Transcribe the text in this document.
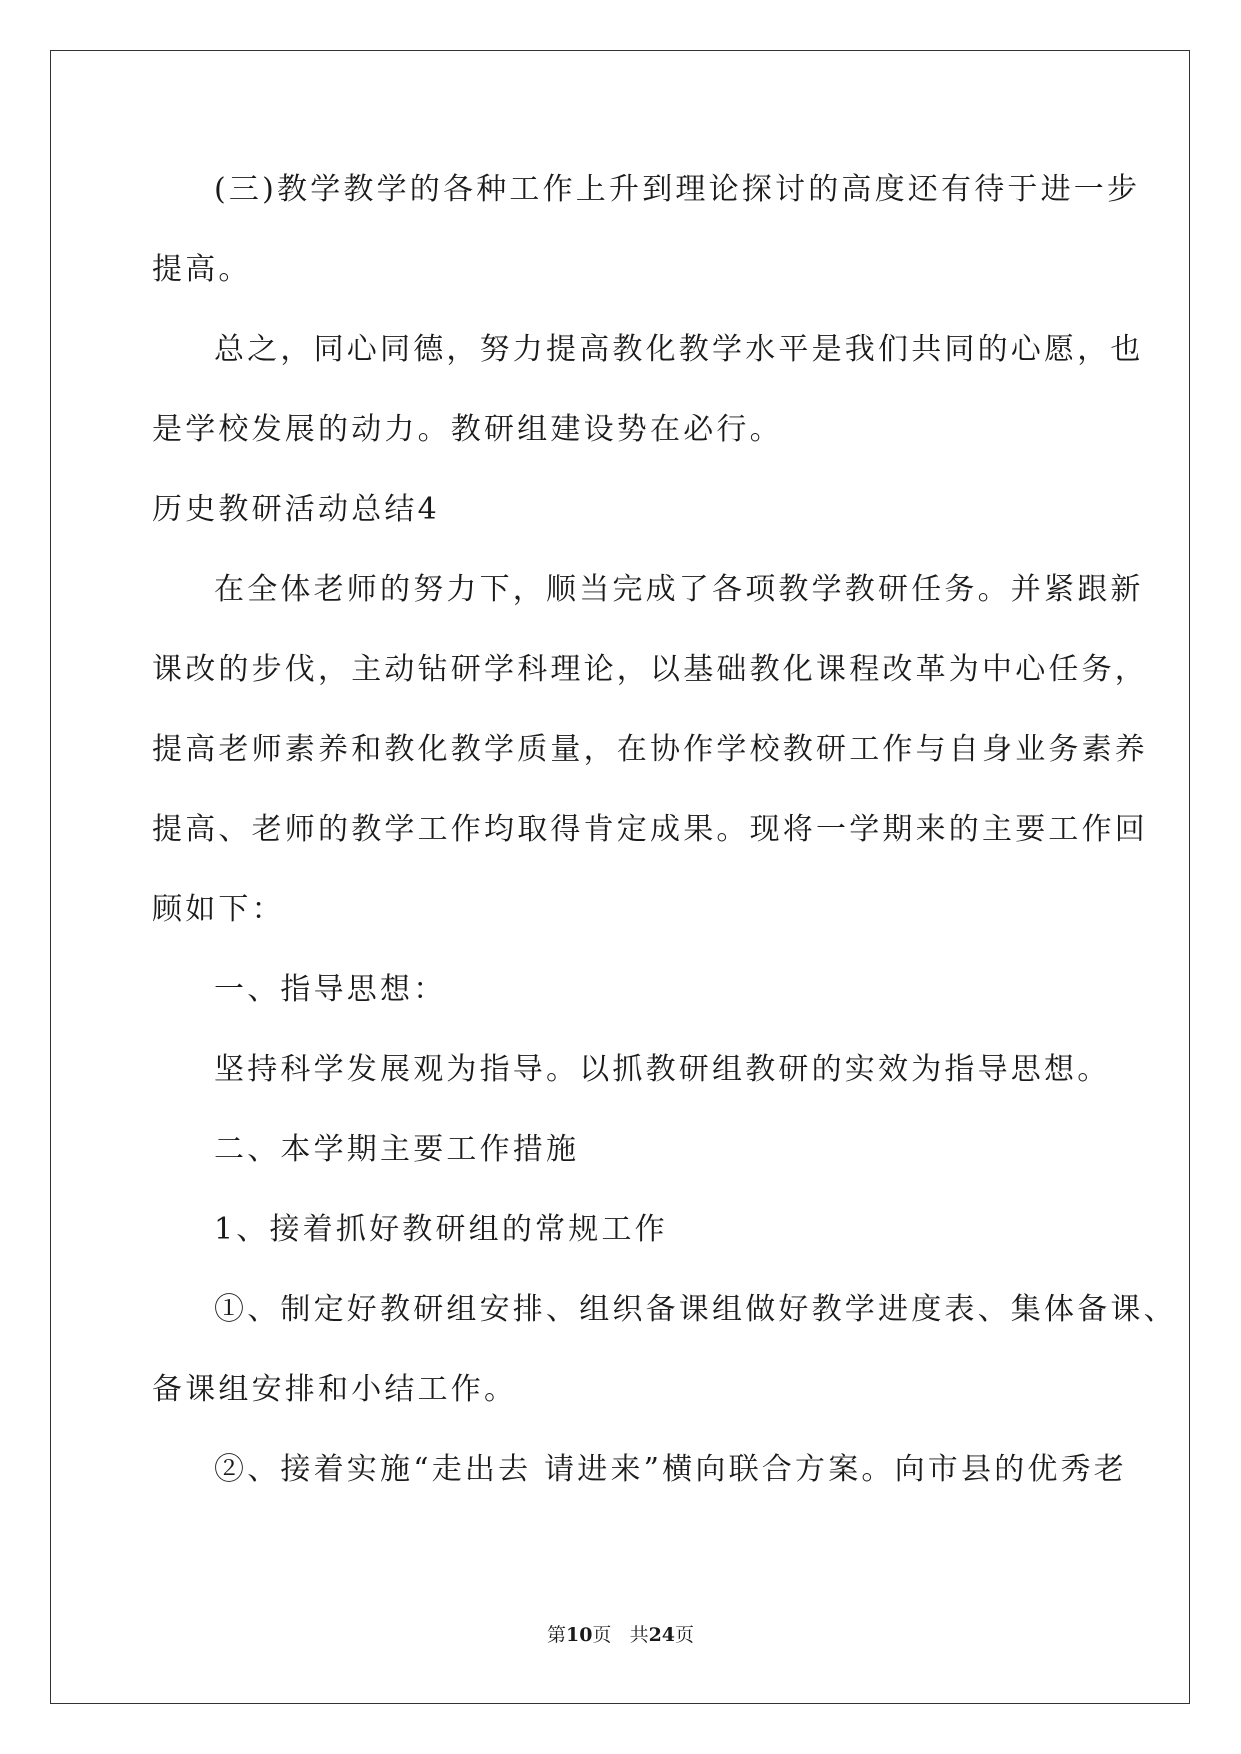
(三)教学教学的各种工作上升到理论探讨的高度还有待于进一步
提高。
总之，同心同德，努力提高教化教学水平是我们共同的心愿，也
是学校发展的动力。教研组建设势在必行。
历史教研活动总结4
在全体老师的努力下，顺当完成了各项教学教研任务。并紧跟新
课改的步伐，主动钻研学科理论，以基础教化课程改革为中心任务，
提高老师素养和教化教学质量，在协作学校教研工作与自身业务素养
提高、老师的教学工作均取得肯定成果。现将一学期来的主要工作回
顾如下：
一、指导思想：
坚持科学发展观为指导。以抓教研组教研的实效为指导思想。
二、本学期主要工作措施
1、接着抓好教研组的常规工作
①、制定好教研组安排、组织备课组做好教学进度表、集体备课、
备课组安排和小结工作。
②、接着实施“走出去 请进来”横向联合方案。向市县的优秀老
第10页 共24页
